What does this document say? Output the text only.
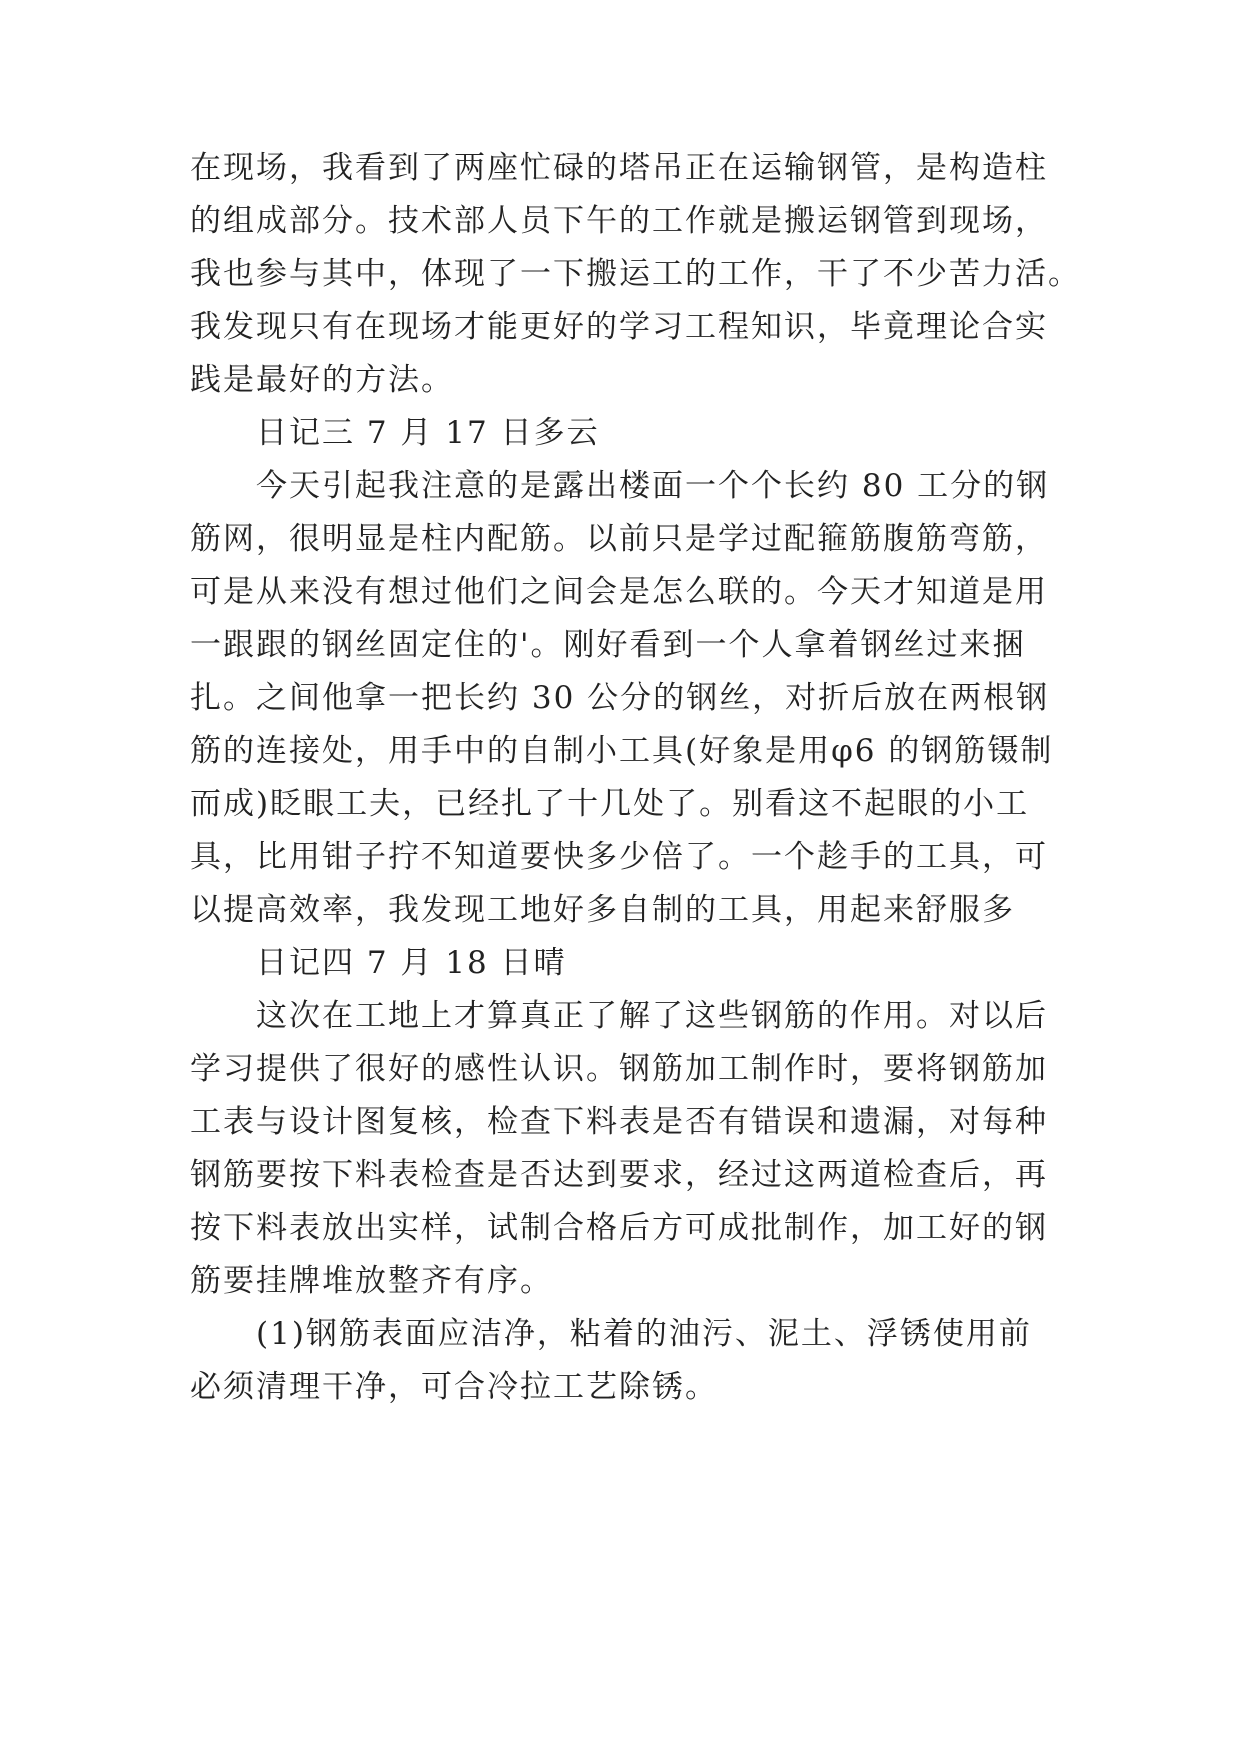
在现场，我看到了两座忙碌的塔吊正在运输钢管，是构造柱

的组成部分。技术部人员下午的工作就是搬运钢管到现场，

我也参与其中，体现了一下搬运工的工作，干了不少苦力活。

我发现只有在现场才能更好的学习工程知识，毕竟理论合实

践是最好的方法。

日记三 7 月 17 日多云

今天引起我注意的是露出楼面一个个长约 80 工分的钢

筋网，很明显是柱内配筋。以前只是学过配箍筋腹筋弯筋，

可是从来没有想过他们之间会是怎么联的。今天才知道是用

一跟跟的钢丝固定住的'。刚好看到一个人拿着钢丝过来捆

扎。之间他拿一把长约 30 公分的钢丝，对折后放在两根钢

筋的连接处，用手中的自制小工具(好象是用φ6 的钢筋镊制

而成)眨眼工夫，已经扎了十几处了。别看这不起眼的小工

具，比用钳子拧不知道要快多少倍了。一个趁手的工具，可

以提高效率，我发现工地好多自制的工具，用起来舒服多

日记四 7 月 18 日晴

这次在工地上才算真正了解了这些钢筋的作用。对以后

学习提供了很好的感性认识。钢筋加工制作时，要将钢筋加

工表与设计图复核，检查下料表是否有错误和遗漏，对每种

钢筋要按下料表检查是否达到要求，经过这两道检查后，再

按下料表放出实样，试制合格后方可成批制作，加工好的钢

筋要挂牌堆放整齐有序。

(1)钢筋表面应洁净，粘着的油污、泥土、浮锈使用前

必须清理干净，可合冷拉工艺除锈。
